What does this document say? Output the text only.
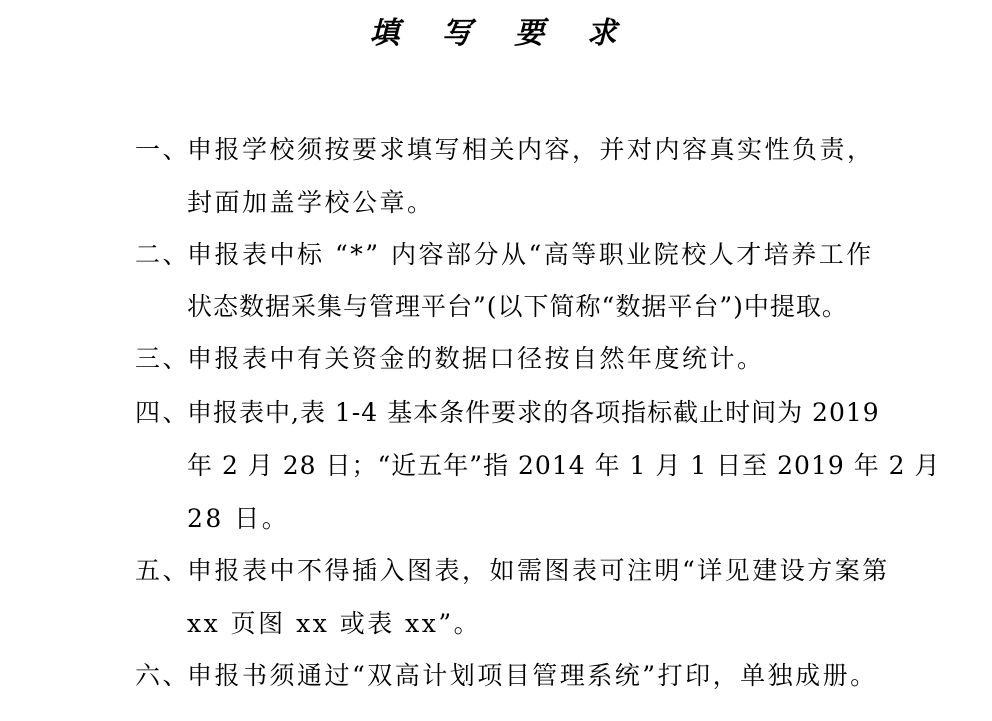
填 写 要 求
一、
申报学校须按要求填写相关内容，并对内容真实性负责，
封面加盖学校公章。
二、
申报表中标 “*” 内容部分从“高等职业院校人才培养工作
状态数据采集与管理平台”(以下简称“数据平台”)中提取。
三、
申报表中有关资金的数据口径按自然年度统计。
四、
申报表中,表 1-4 基本条件要求的各项指标截止时间为 2019
年 2 月 28 日；“近五年”指 2014 年 1 月 1 日至 2019 年 2 月
28 日。
五、
申报表中不得插入图表，如需图表可注明“详见建设方案第
xx 页图 xx 或表 xx”。
六、
申报书须通过“双高计划项目管理系统”打印，单独成册。
